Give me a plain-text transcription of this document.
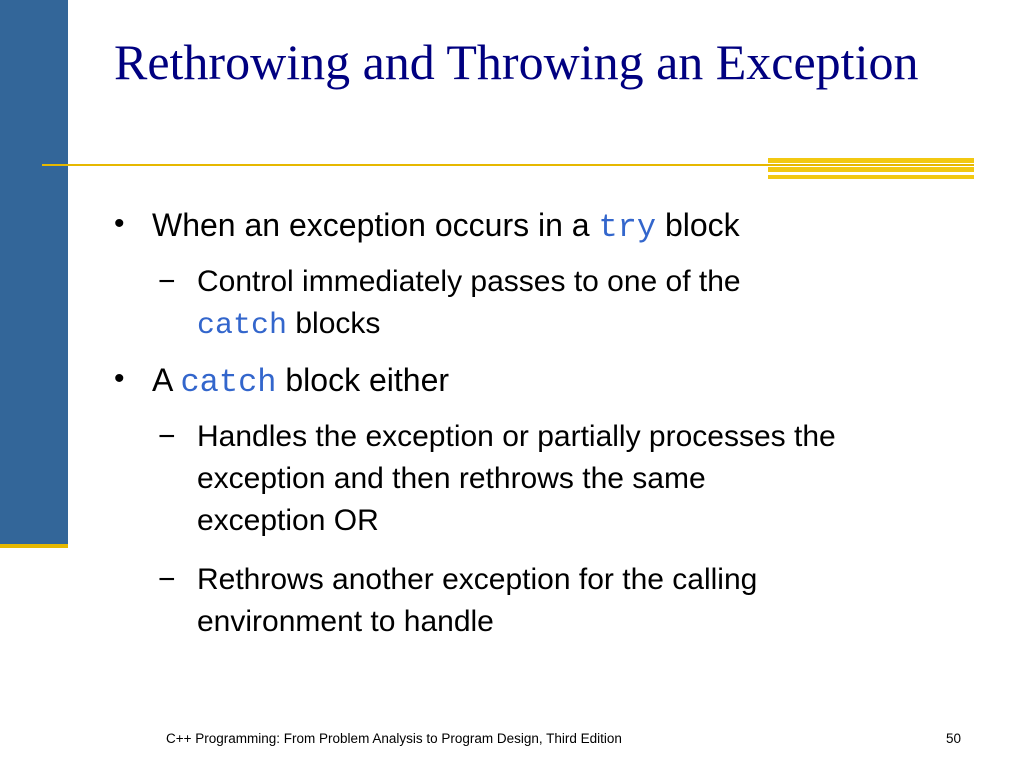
Rethrowing and Throwing an Exception
• When an exception occurs in a try block
− Control immediately passes to one of the
catch blocks
• A catch block either
− Handles the exception or partially processes the
exception and then rethrows the same
exception OR
− Rethrows another exception for the calling
environment to handle
C++ Programming: From Problem Analysis to Program Design, Third Edition	50
